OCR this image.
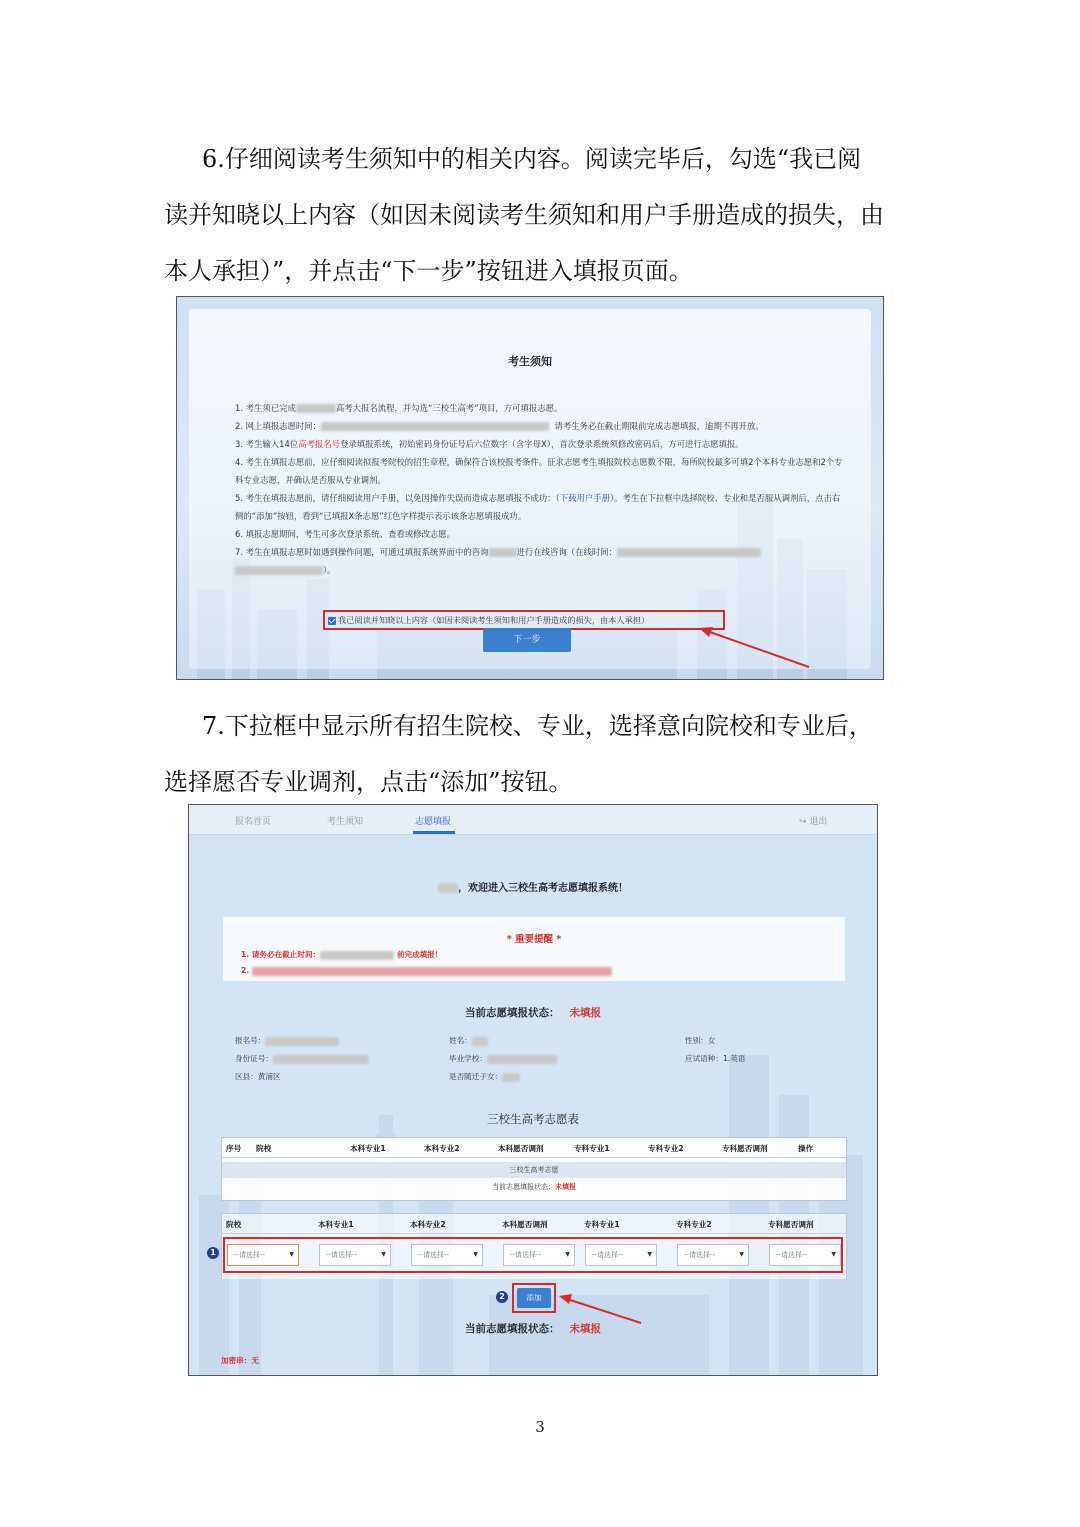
6.仔细阅读考生须知中的相关内容。阅读完毕后，勾选“我已阅

读并知晓以上内容（如因未阅读考生须知和用户手册造成的损失，由

本人承担）”，并点击“下一步”按钮进入填报页面。

考生须知
1. 考生须已完成	高考大报名流程，并勾选“三校生高考”项目，方可填报志愿。
2. 网上填报志愿时间：	请考生务必在截止期限前完成志愿填报，逾期不再开放。
3. 考生输入14位高考报名号登录填报系统，初始密码身份证号后六位数字（含字母X），首次登录系统须修改密码后，方可进行志愿填报。
4. 考生在填报志愿前，应仔细阅读拟报考院校的招生章程，确保符合该校报考条件。征求志愿考生填报院校志愿数不限，每所院校最多可填2个本科专业志愿和2个专科专业志愿，并确认是否服从专业调剂。
5. 考生在填报志愿前，请仔细阅读用户手册，以免因操作失误而造成志愿填报不成功：（下载用户手册）。考生在下拉框中选择院校、专业和是否服从调剂后，点击右侧的“添加”按钮，看到“已填报X条志愿”红色字样提示表示该条志愿填报成功。
6. 填报志愿期间，考生可多次登录系统、查看或修改志愿。
7. 考生在填报志愿时如遇到操作问题，可通过填报系统界面中的咨询	进行在线咨询（在线时间：
）。
我已阅读并知晓以上内容（如因未阅读考生须知和用户手册造成的损失，由本人承担）
下一步

7.下拉框中显示所有招生院校、专业，选择意向院校和专业后，

选择愿否专业调剂，点击“添加”按钮。

报名首页	考生须知	志愿填报	↪ 退出
，欢迎进入三校生高考志愿填报系统！
* 重要提醒 *
1. 请务必在截止时间：	前完成填报！
2.
当前志愿填报状态： 未填报
报名号：	姓名：	性别：女
身份证号：	毕业学校：	应试语种：1.英语
区县：黄浦区	是否随迁子女：
三校生高考志愿表
序号 院校	本科专业1	本科专业2	本科愿否调剂	专科专业1	专科专业2	专科愿否调剂	操作
三校生高考志愿
当前志愿填报状态：未填报
院校	本科专业1	本科专业2	本科愿否调剂	专科专业1	专科专业2	专科愿否调剂
1	--请选择--	▼	--请选择--	▼	--请选择--	▼	--请选择--	▼	--请选择--	▼	--请选择--	▼	--请选择--	▼
2	添加
当前志愿填报状态： 未填报
加密串：无
3
